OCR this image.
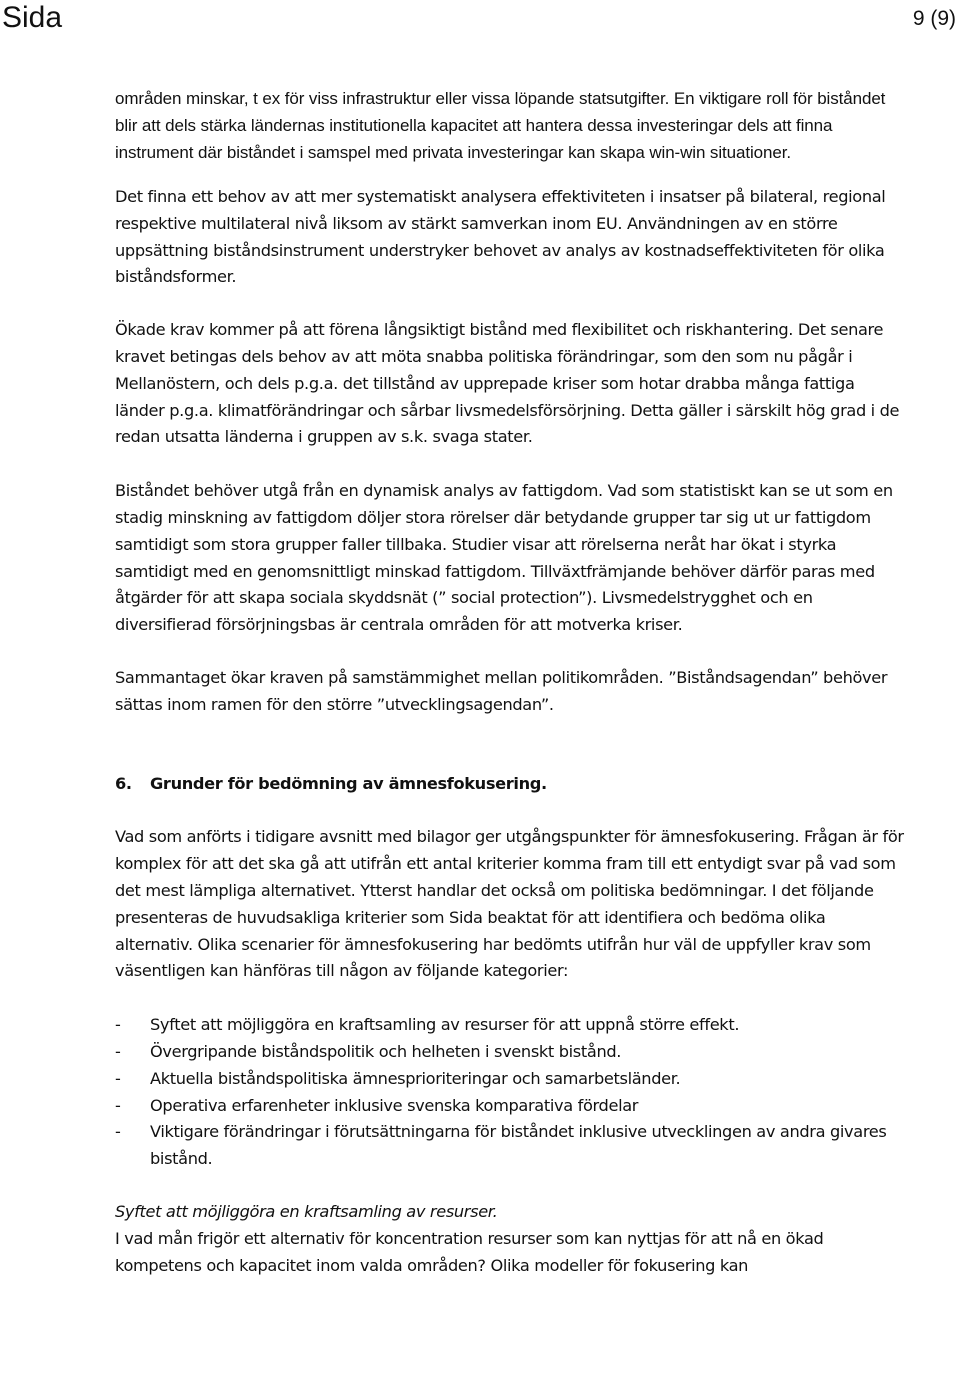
Sida	9 (9)

områden minskar, t ex för viss infrastruktur eller vissa löpande statsutgifter. En viktigare roll för biståndet blir att dels stärka ländernas institutionella kapacitet att hantera dessa investeringar dels att finna instrument där biståndet i samspel med privata investeringar kan skapa win-win situationer.

Det finna ett behov av att mer systematiskt analysera effektiviteten i insatser på bilateral, regional respektive multilateral nivå liksom av stärkt samverkan inom EU. Användningen av en större uppsättning biståndsinstrument understryker behovet av analys av kostnadseffektiviteten för olika biståndsformer.

Ökade krav kommer på att förena långsiktigt bistånd med flexibilitet och riskhantering. Det senare kravet betingas dels behov av att möta snabba politiska förändringar, som den som nu pågår i Mellanöstern, och dels p.g.a. det tillstånd av upprepade kriser som hotar drabba många fattiga länder p.g.a. klimatförändringar och sårbar livsmedelsförsörjning. Detta gäller i särskilt hög grad i de redan utsatta länderna i gruppen av s.k. svaga stater.

Biståndet behöver utgå från en dynamisk analys av fattigdom. Vad som statistiskt kan se ut som en stadig minskning av fattigdom döljer stora rörelser där betydande grupper tar sig ut ur fattigdom samtidigt som stora grupper faller tillbaka. Studier visar att rörelserna neråt har ökat i styrka samtidigt med en genomsnittligt minskad fattigdom. Tillväxtfrämjande behöver därför paras med åtgärder för att skapa sociala skyddsnät (” social protection”). Livsmedelstrygghet och en diversifierad försörjningsbas är centrala områden för att motverka kriser.

Sammantaget ökar kraven på samstämmighet mellan politikområden. ”Biståndsagendan” behöver sättas inom ramen för den större ”utvecklingsagendan”.

6. Grunder för bedömning av ämnesfokusering.

Vad som anförts i tidigare avsnitt med bilagor ger utgångspunkter för ämnesfokusering. Frågan är för komplex för att det ska gå att utifrån ett antal kriterier komma fram till ett entydigt svar på vad som det mest lämpliga alternativet. Ytterst handlar det också om politiska bedömningar. I det följande presenteras de huvudsakliga kriterier som Sida beaktat för att identifiera och bedöma olika alternativ. Olika scenarier för ämnesfokusering har bedömts utifrån hur väl de uppfyller krav som väsentligen kan hänföras till någon av följande kategorier:

- Syftet att möjliggöra en kraftsamling av resurser för att uppnå större effekt.
- Övergripande biståndspolitik och helheten i svenskt bistånd.
- Aktuella biståndspolitiska ämnesprioriteringar och samarbetsländer.
- Operativa erfarenheter inklusive svenska komparativa fördelar
- Viktigare förändringar i förutsättningarna för biståndet inklusive utvecklingen av andra givares bistånd.

Syftet att möjliggöra en kraftsamling av resurser.

I vad mån frigör ett alternativ för koncentration resurser som kan nyttjas för att nå en ökad kompetens och kapacitet inom valda områden? Olika modeller för fokusering kan
